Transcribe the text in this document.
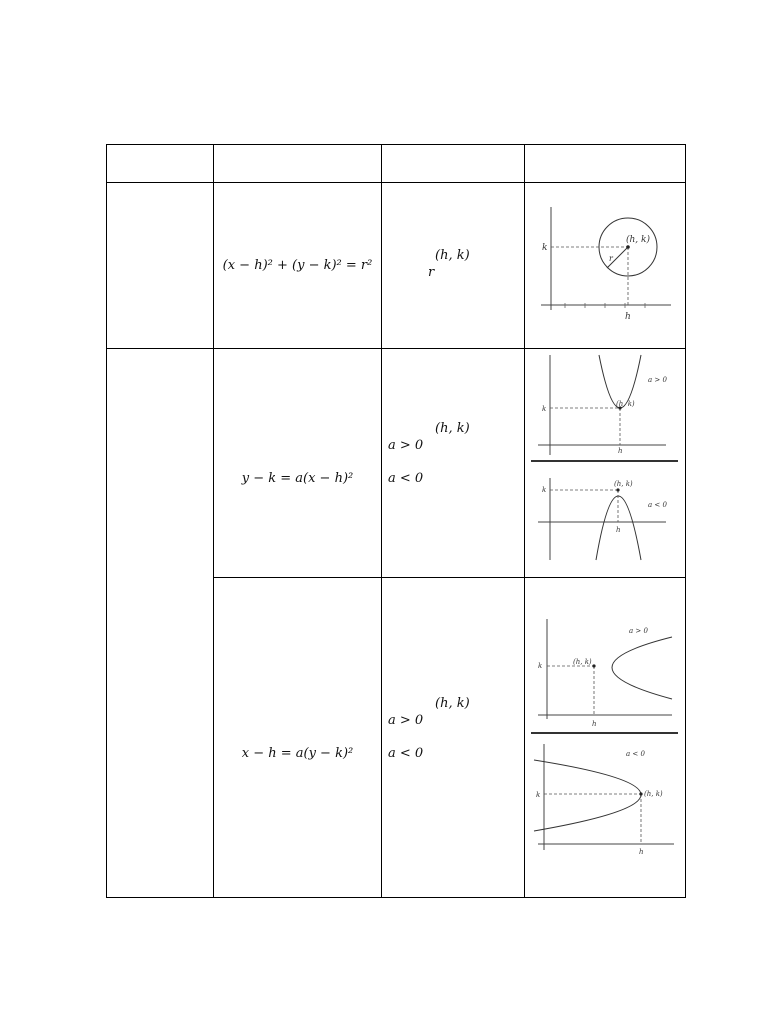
(x − h)² + (y − k)² = r²
(h, k)
r
(h, k)
k
h
r
y − k = a(x − h)²
(h, k)
a > 0
a < 0
(h, k)
k
h
a > 0
(h, k)
k
h
a < 0
x − h = a(y − k)²
(h, k)
a > 0
a < 0
(h, k)
k
h
a > 0
(h, k)
k
h
a < 0
